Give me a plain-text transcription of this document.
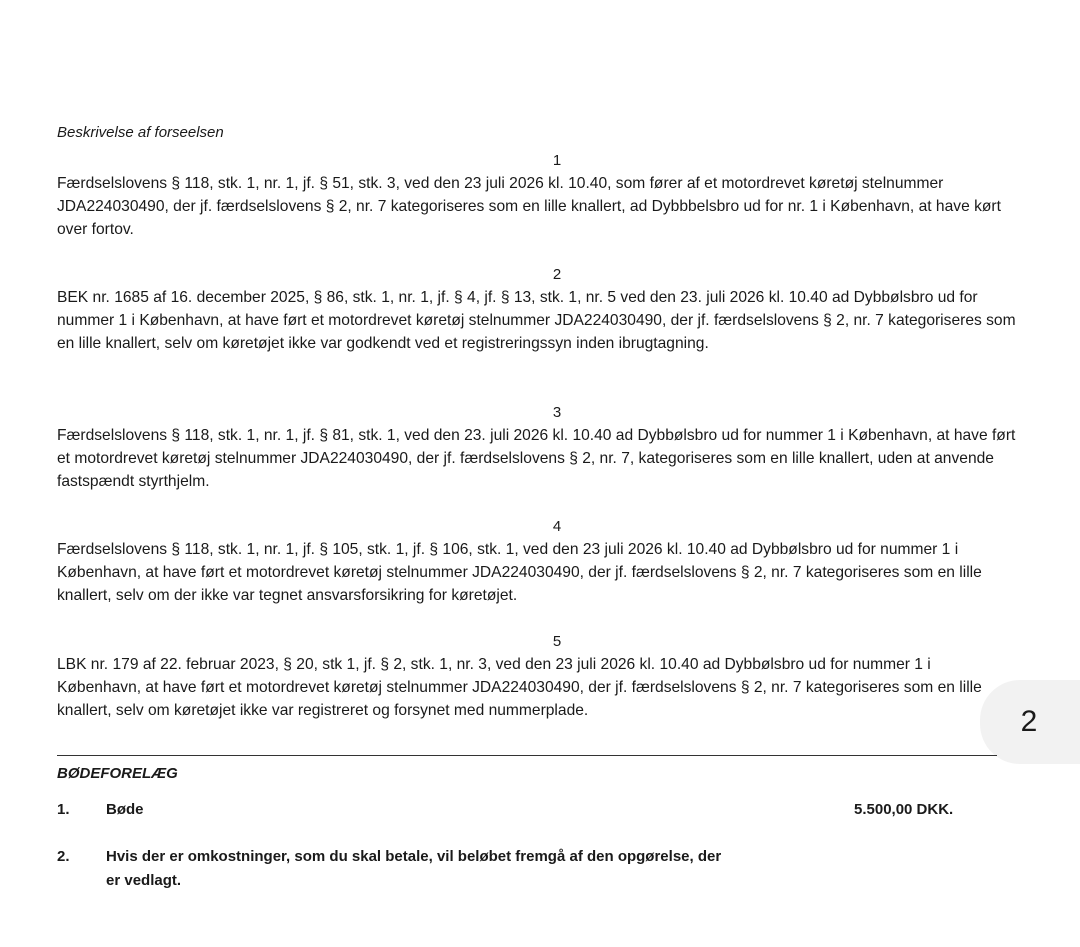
Beskrivelse af forseelsen
1

Færdselslovens § 118, stk. 1, nr. 1, jf. § 51, stk. 3, ved den 23 juli 2026 kl. 10.40, som fører af et motordrevet køretøj stelnummer JDA224030490, der jf. færdselslovens § 2, nr. 7 kategoriseres som en lille knallert, ad Dybbbelsbro ud for nr. 1 i København, at have kørt over fortov.

2

BEK nr. 1685 af 16. december 2025, § 86, stk. 1, nr. 1, jf. § 4, jf. § 13, stk. 1, nr. 5 ved den 23. juli 2026 kl. 10.40 ad Dybbølsbro ud for nummer 1 i København, at have ført et motordrevet køretøj stelnummer JDA224030490, der jf. færdselslovens § 2, nr. 7 kategoriseres som en lille knallert, selv om køretøjet ikke var godkendt ved et registreringssyn inden ibrugtagning.

3

Færdselslovens § 118, stk. 1, nr. 1, jf. § 81, stk. 1, ved den 23. juli 2026 kl. 10.40 ad Dybbølsbro ud for nummer 1 i København, at have ført et motordrevet køretøj stelnummer JDA224030490, der jf. færdselslovens § 2, nr. 7, kategoriseres som en lille knallert, uden at anvende fastspændt styrthjelm.

4

Færdselslovens § 118, stk. 1, nr. 1, jf. § 105, stk. 1, jf. § 106, stk. 1, ved den 23 juli 2026 kl. 10.40 ad Dybbølsbro ud for nummer 1 i København, at have ført et motordrevet køretøj stelnummer JDA224030490, der jf. færdselslovens § 2, nr. 7 kategoriseres som en lille knallert, selv om der ikke var tegnet ansvarsforsikring for køretøjet.

5

LBK nr. 179 af 22. februar 2023, § 20, stk 1, jf. § 2, stk. 1, nr. 3, ved den 23 juli 2026 kl. 10.40 ad Dybbølsbro ud for nummer 1 i København, at have ført et motordrevet køretøj stelnummer JDA224030490, der jf. færdselslovens § 2, nr. 7 kategoriseres som en lille knallert, selv om køretøjet ikke var registreret og forsynet med nummerplade.	2
BØDEFORELÆG
1. Bøde	5.500,00 DKK.
2. Hvis der er omkostninger, som du skal betale, vil beløbet fremgå af den opgørelse, der er vedlagt.
